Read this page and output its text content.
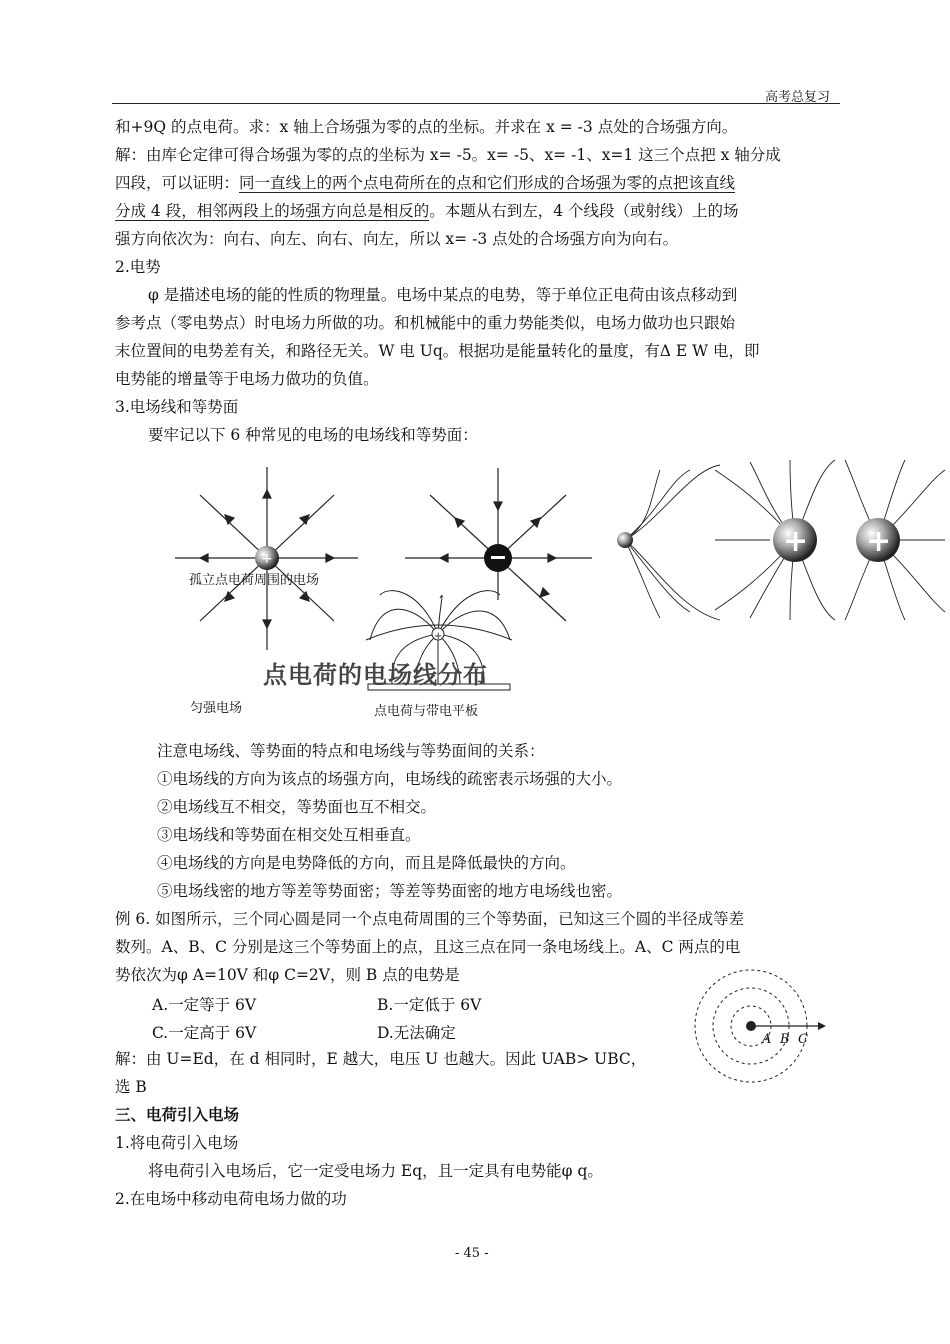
高考总复习
和+9Q 的点电荷。求：x 轴上合场强为零的点的坐标。并求在 x = -3 点处的合场强方向。
解：由库仑定律可得合场强为零的点的坐标为 x= -5。x= -5、x= -1、x=1 这三个点把 x 轴分成
四段，可以证明：同一直线上的两个点电荷所在的点和它们形成的合场强为零的点把该直线
分成 4 段，相邻两段上的场强方向总是相反的。本题从右到左，4 个线段（或射线）上的场
强方向依次为：向右、向左、向右、向左，所以 x= -3 点处的合场强方向为向右。
2.电势
φ 是描述电场的能的性质的物理量。电场中某点的电势，等于单位正电荷由该点移动到
参考点（零电势点）时电场力所做的功。和机械能中的重力势能类似，电场力做功也只跟始
末位置间的电势差有关，和路径无关。W 电 Uq。根据功是能量转化的量度，有Δ E W 电，即
电势能的增量等于电场力做功的负值。
3.电场线和等势面
要牢记以下 6 种常见的电场的电场线和等势面：
+
+
+ +
孤立点电荷周围的电场
点电荷的电场线分布
匀强电场	点电荷与带电平板
A B C
注意电场线、等势面的特点和电场线与等势面间的关系：
①电场线的方向为该点的场强方向，电场线的疏密表示场强的大小。
②电场线互不相交，等势面也互不相交。
③电场线和等势面在相交处互相垂直。
④电场线的方向是电势降低的方向，而且是降低最快的方向。
⑤电场线密的地方等差等势面密；等差等势面密的地方电场线也密。
例 6. 如图所示，三个同心圆是同一个点电荷周围的三个等势面，已知这三个圆的半径成等差
数列。A、B、C 分别是这三个等势面上的点，且这三点在同一条电场线上。A、C 两点的电
势依次为φ A=10V 和φ C=2V，则 B 点的电势是
A.一定等于 6V	B.一定低于 6V
C.一定高于 6V	D.无法确定
解：由 U=Ed，在 d 相同时，E 越大，电压 U 也越大。因此 UAB> UBC，
选 B
三、电荷引入电场
1.将电荷引入电场
将电荷引入电场后，它一定受电场力 Eq，且一定具有电势能φ q。
2.在电场中移动电荷电场力做的功
- 45 -
